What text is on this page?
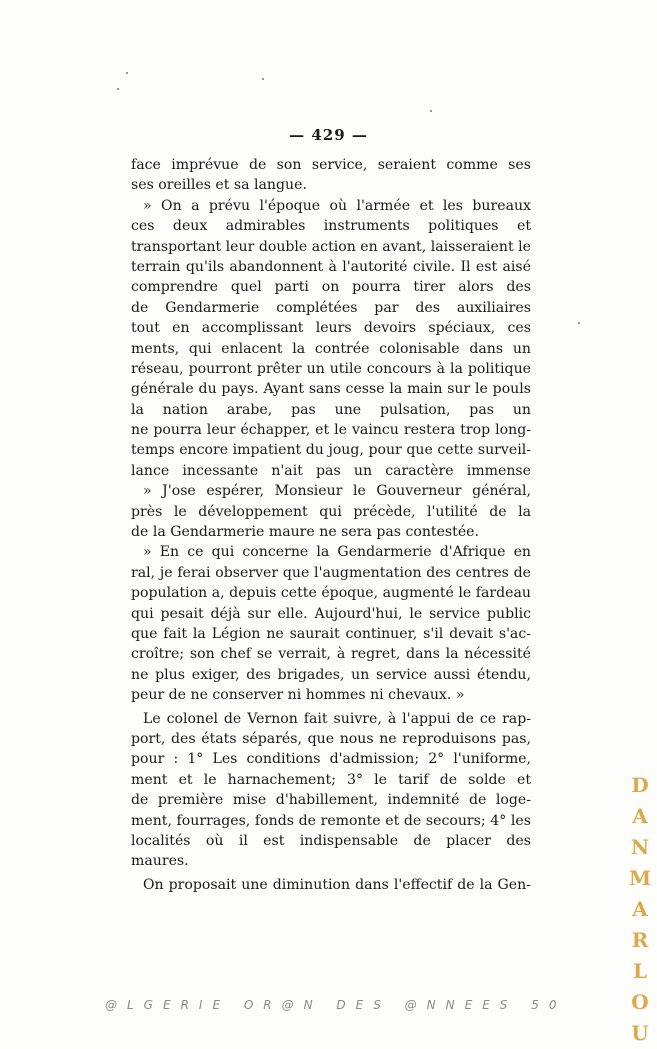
— 429 —
face imprévue de son service, seraient comme ses
ses oreilles et sa langue.
» On a prévu l'époque où l'armée et les bureaux
ces deux admirables instruments politiques et
transportant leur double action en avant, laisseraient le
terrain qu'ils abandonnent à l'autorité civile. Il est aisé
comprendre quel parti on pourra tirer alors des
de Gendarmerie complétées par des auxiliaires
tout en accomplissant leurs devoirs spéciaux, ces
ments, qui enlacent la contrée colonisable dans un
réseau, pourront prêter un utile concours à la politique
générale du pays. Ayant sans cesse la main sur le pouls
la nation arabe, pas une pulsation, pas un
ne pourra leur échapper, et le vaincu restera trop long-
temps encore impatient du joug, pour que cette surveil-
lance incessante n'ait pas un caractère immense
» J'ose espérer, Monsieur le Gouverneur général,
près le développement qui précède, l'utilité de la
de la Gendarmerie maure ne sera pas contestée.
» En ce qui concerne la Gendarmerie d'Afrique en
ral, je ferai observer que l'augmentation des centres de
population a, depuis cette époque, augmenté le fardeau
qui pesait déjà sur elle. Aujourd'hui, le service public
que fait la Légion ne saurait continuer, s'il devait s'ac-
croître; son chef se verrait, à regret, dans la nécessité
ne plus exiger, des brigades, un service aussi étendu,
peur de ne conserver ni hommes ni chevaux. »
Le colonel de Vernon fait suivre, à l'appui de ce rap-
port, des états séparés, que nous ne reproduisons pas,
pour : 1° Les conditions d'admission; 2° l'uniforme,
ment et le harnachement; 3° le tarif de solde et
de première mise d'habillement, indemnité de loge-
ment, fourrages, fonds de remonte et de secours; 4° les
localités où il est indispensable de placer des
maures.
On proposait une diminution dans l'effectif de la Gen-
D
A
N
M
A
R
L
O
U
@LGERIE OR@N DES @NNEES 50
